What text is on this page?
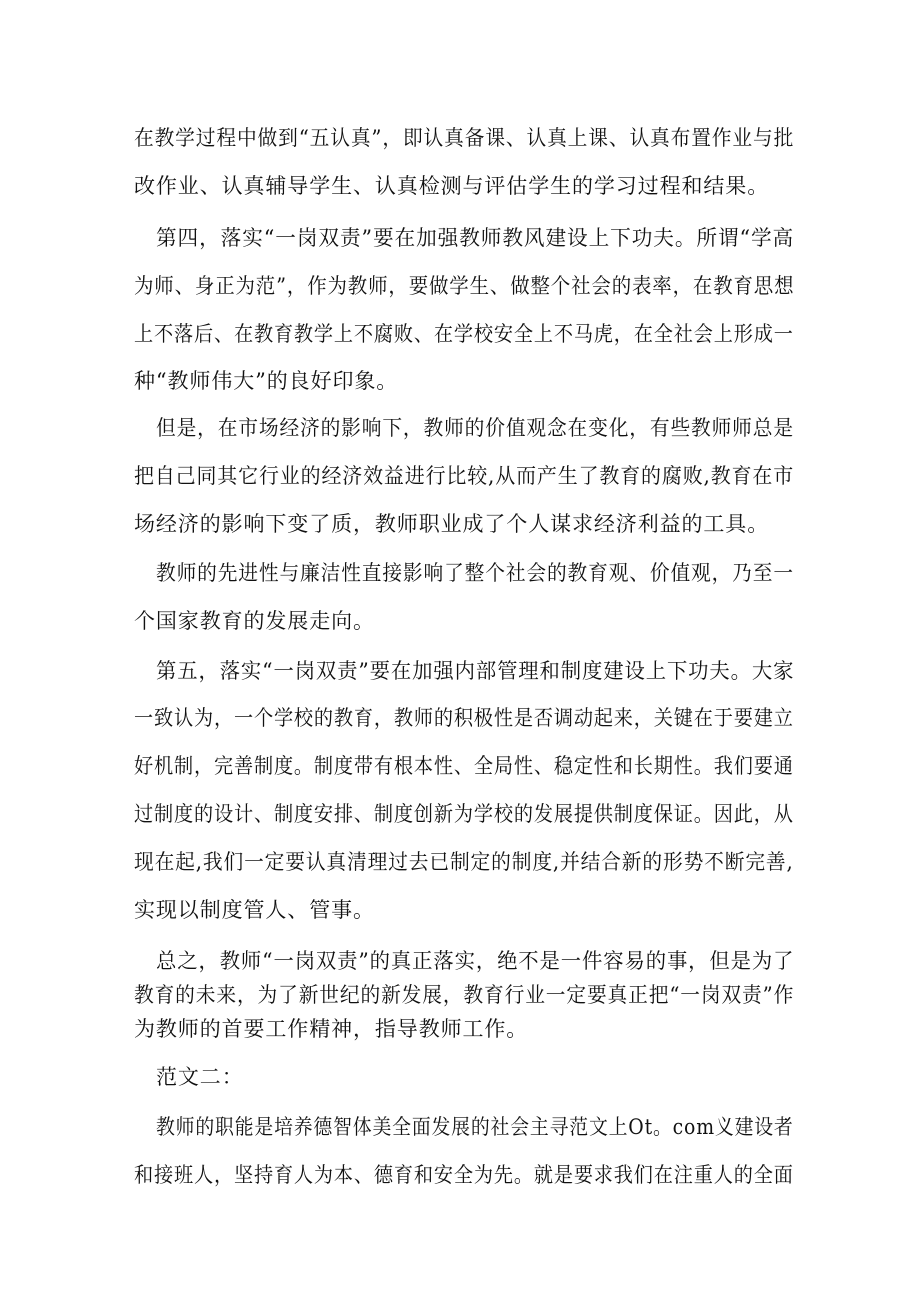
在教学过程中做到“五认真”，即认真备课、认真上课、认真布置作业与批
改作业、认真辅导学生、认真检测与评估学生的学习过程和结果。
第四，落实“一岗双责”要在加强教师教风建设上下功夫。所谓“学高
为师、身正为范”，作为教师，要做学生、做整个社会的表率，在教育思想
上不落后、在教育教学上不腐败、在学校安全上不马虎，在全社会上形成一
种“教师伟大”的良好印象。
但是，在市场经济的影响下，教师的价值观念在变化，有些教师师总是
把自己同其它行业的经济效益进行比较,从而产生了教育的腐败,教育在市
场经济的影响下变了质，教师职业成了个人谋求经济利益的工具。
教师的先进性与廉洁性直接影响了整个社会的教育观、价值观，乃至一
个国家教育的发展走向。
第五，落实“一岗双责”要在加强内部管理和制度建设上下功夫。大家
一致认为，一个学校的教育，教师的积极性是否调动起来，关键在于要建立
好机制，完善制度。制度带有根本性、全局性、稳定性和长期性。我们要通
过制度的设计、制度安排、制度创新为学校的发展提供制度保证。因此，从
现在起,我们一定要认真清理过去已制定的制度,并结合新的形势不断完善,
实现以制度管人、管事。
总之，教师“一岗双责”的真正落实，绝不是一件容易的事，但是为了
教育的未来，为了新世纪的新发展，教育行业一定要真正把“一岗双责”作
为教师的首要工作精神，指导教师工作。
范文二：
教师的职能是培养德智体美全面发展的社会主寻范文上Ot。com义建设者
和接班人，坚持育人为本、德育和安全为先。就是要求我们在注重人的全面
